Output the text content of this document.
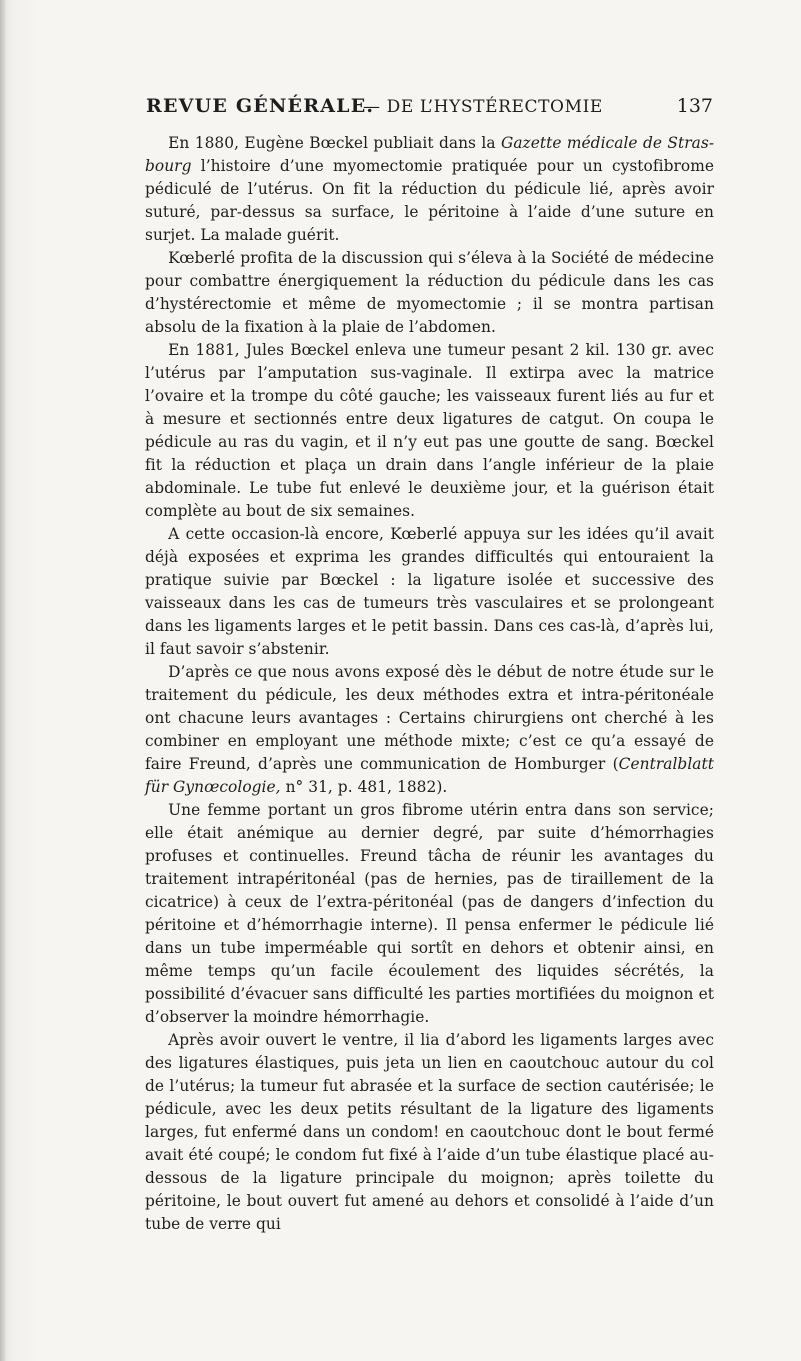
REVUE GÉNÉRALE.
— DE L’HYSTÉRECTOMIE	137

En 1880, Eugène Bœckel publiait dans la Gazette médicale de Strasbourg l’histoire d’une myomectomie pratiquée pour un cystofibrome pédiculé de l’utérus. On fit la réduction du pédicule lié, après avoir suturé, par-dessus sa surface, le péritoine à l’aide d’une suture en surjet. La malade guérit.

Kœberlé profita de la discussion qui s’éleva à la Société de médecine pour combattre énergiquement la réduction du pédicule dans les cas d’hystérectomie et même de myomectomie ; il se montra partisan absolu de la fixation à la plaie de l’abdomen.

En 1881, Jules Bœckel enleva une tumeur pesant 2 kil. 130 gr. avec l’utérus par l’amputation sus-vaginale. Il extirpa avec la matrice l’ovaire et la trompe du côté gauche; les vaisseaux furent liés au fur et à mesure et sectionnés entre deux ligatures de catgut. On coupa le pédicule au ras du vagin, et il n’y eut pas une goutte de sang. Bœckel fit la réduction et plaça un drain dans l’angle inférieur de la plaie abdominale. Le tube fut enlevé le deuxième jour, et la guérison était complète au bout de six semaines.

A cette occasion-là encore, Kœberlé appuya sur les idées qu’il avait déjà exposées et exprima les grandes difficultés qui entouraient la pratique suivie par Bœckel : la ligature isolée et successive des vaisseaux dans les cas de tumeurs très vasculaires et se prolongeant dans les ligaments larges et le petit bassin. Dans ces cas-là, d’après lui, il faut savoir s’abstenir.

D’après ce que nous avons exposé dès le début de notre étude sur le traitement du pédicule, les deux méthodes extra et intra-péritonéale ont chacune leurs avantages : Certains chirurgiens ont cherché à les combiner en employant une méthode mixte; c’est ce qu’a essayé de faire Freund, d’après une communication de Homburger (Centralblatt für Gynœcologie, n° 31, p. 481, 1882).

Une femme portant un gros fibrome utérin entra dans son service; elle était anémique au dernier degré, par suite d’hémorrhagies profuses et continuelles. Freund tâcha de réunir les avantages du traitement intrapéritonéal (pas de hernies, pas de tiraillement de la cicatrice) à ceux de l’extra-péritonéal (pas de dangers d’infection du péritoine et d’hémorrhagie interne). Il pensa enfermer le pédicule lié dans un tube imperméable qui sortît en dehors et obtenir ainsi, en même temps qu’un facile écoulement des liquides sécrétés, la possibilité d’évacuer sans difficulté les parties mortifiées du moignon et d’observer la moindre hémorrhagie.

Après avoir ouvert le ventre, il lia d’abord les ligaments larges avec des ligatures élastiques, puis jeta un lien en caoutchouc autour du col de l’utérus; la tumeur fut abrasée et la surface de section cautérisée; le pédicule, avec les deux petits résultant de la ligature des ligaments larges, fut enfermé dans un condom! en caoutchouc dont le bout fermé avait été coupé; le condom fut fixé à l’aide d’un tube élastique placé au-dessous de la ligature principale du moignon; après toilette du péritoine, le bout ouvert fut amené au dehors et consolidé à l’aide d’un tube de verre qui
